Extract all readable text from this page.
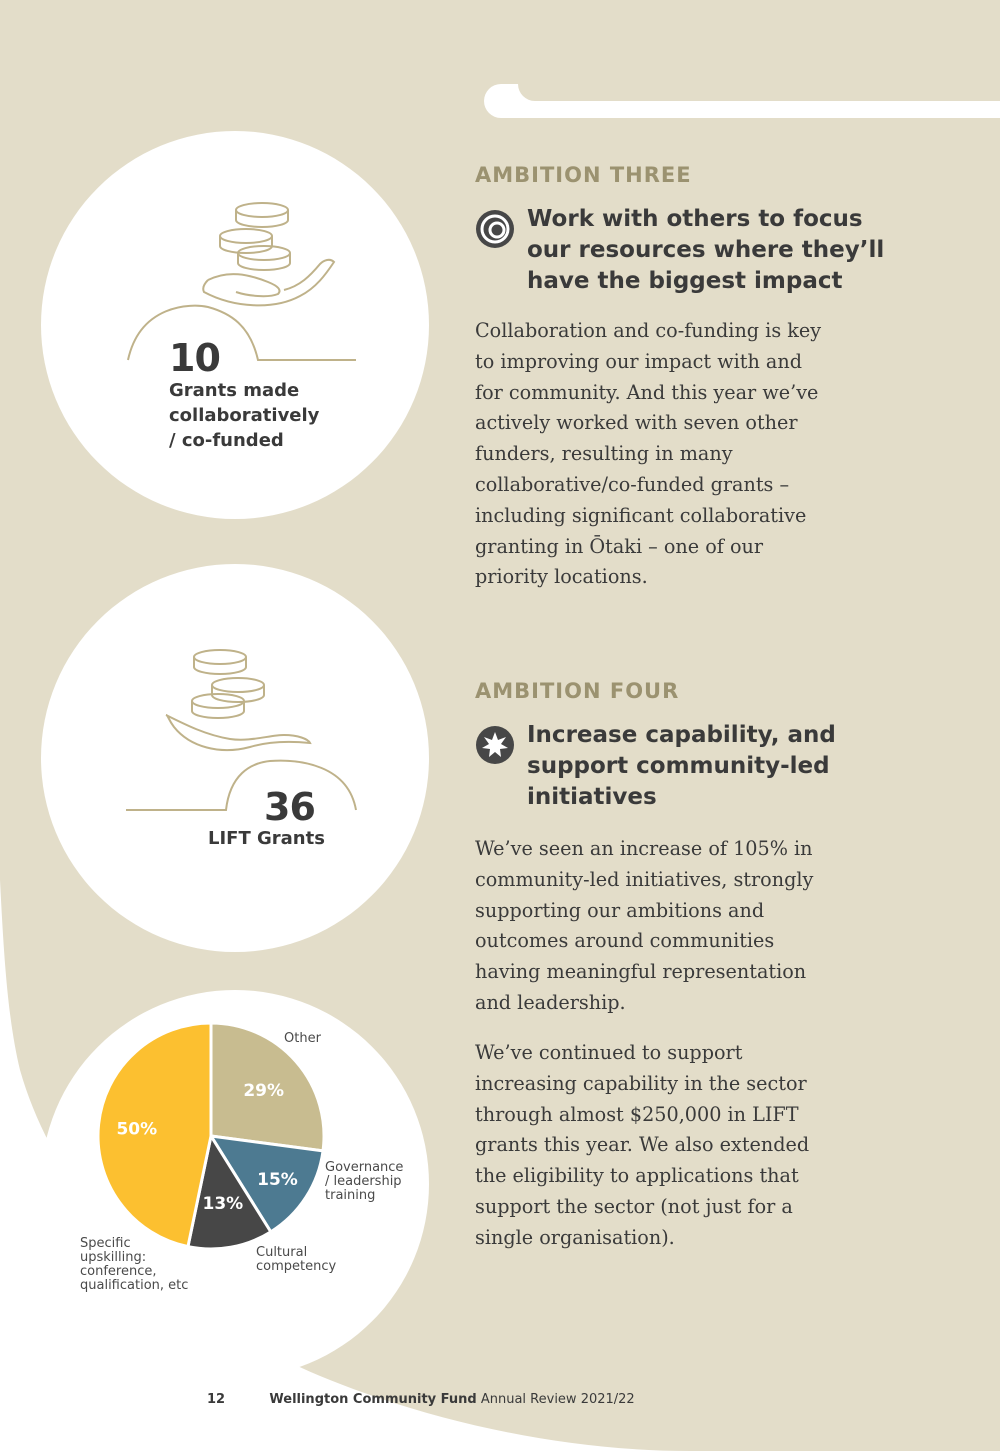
10
Grants made
collaboratively
/ co-funded
36
LIFT Grants
29%
15%
13%
50%
Other
Governance
/ leadership
training
Cultural
competency
Specific
upskilling:
conference,
qualification, etc
AMBITION THREE
Work with others to focus our resources where they’ll have the biggest impact

Collaboration and co-funding is key to improving our impact with and for community. And this year we’ve actively worked with seven other funders, resulting in many collaborative/co-funded grants – including significant collaborative granting in Ōtaki – one of our priority locations.

AMBITION FOUR
Increase capability, and support community-led initiatives

We’ve seen an increase of 105% in community-led initiatives, strongly supporting our ambitions and outcomes around communities having meaningful representation and leadership.

We’ve continued to support increasing capability in the sector through almost $250,000 in LIFT grants this year. We also extended the eligibility to applications that support the sector (not just for a single organisation).

12	Wellington Community Fund Annual Review 2021/22
